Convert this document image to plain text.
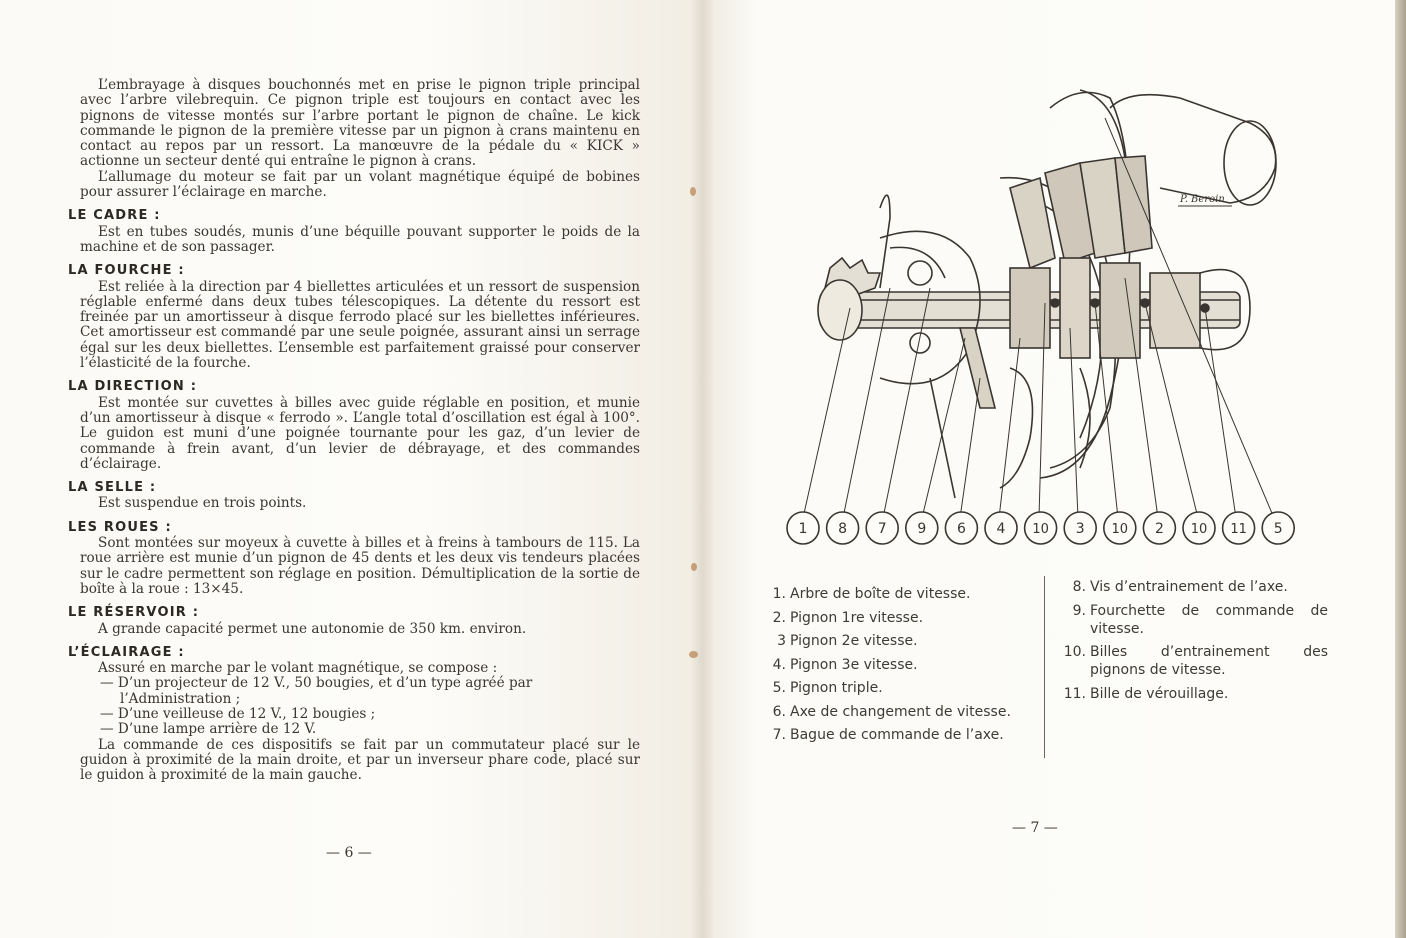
L’embrayage à disques bouchonnés met en prise le pignon triple principal avec l’arbre vilebrequin. Ce pignon triple est toujours en contact avec les pignons de vitesse montés sur l’arbre portant le pignon de chaîne. Le kick commande le pignon de la première vitesse par un pignon à crans maintenu en contact au repos par un ressort. La manœuvre de la pédale du « KICK » actionne un secteur denté qui entraîne le pignon à crans.

L’allumage du moteur se fait par un volant magnétique équipé de bobines pour assurer l’éclairage en marche.

LE CADRE :

Est en tubes soudés, munis d’une béquille pouvant supporter le poids de la machine et de son passager.

LA FOURCHE :

Est reliée à la direction par 4 biellettes articulées et un ressort de suspension réglable enfermé dans deux tubes télescopiques. La détente du ressort est freinée par un amortisseur à disque ferrodo placé sur les biellettes inférieures. Cet amortisseur est commandé par une seule poignée, assurant ainsi un serrage égal sur les deux biellettes. L’ensemble est parfaitement graissé pour conserver l’élasticité de la fourche.

LA DIRECTION :

Est montée sur cuvettes à billes avec guide réglable en position, et munie d’un amortisseur à disque « ferrodo ». L’angle total d’oscillation est égal à 100°. Le guidon est muni d’une poignée tournante pour les gaz, d’un levier de commande à frein avant, d’un levier de débrayage, et des commandes d’éclairage.

LA SELLE :

Est suspendue en trois points.

LES ROUES :

Sont montées sur moyeux à cuvette à billes et à freins à tambours de 115. La roue arrière est munie d’un pignon de 45 dents et les deux vis tendeurs placées sur le cadre permettent son réglage en position. Démultiplication de la sortie de boîte à la roue : 13×45.

LE RÉSERVOIR :

A grande capacité permet une autonomie de 350 km. environ.

L’ÉCLAIRAGE :

Assuré en marche par le volant magnétique, se compose :

— D’un projecteur de 12 V., 50 bougies, et d’un type agréé par

l’Administration ;

— D’une veilleuse de 12 V., 12 bougies ;

— D’une lampe arrière de 12 V.

La commande de ces dispositifs se fait par un commutateur placé sur le guidon à proximité de la main droite, et par un inverseur phare code, placé sur le guidon à proximité de la main gauche.

— 6 —
P. Beroin
1 8 7 9 6 4 10 3 10 2 10 11 5
1. Arbre de boîte de vitesse.
2. Pignon 1re vitesse.
3 Pignon 2e vitesse.
4. Pignon 3e vitesse.
5. Pignon triple.
6. Axe de changement de vitesse.
7. Bague de commande de l’axe.
8. Vis d’entrainement de l’axe.
9. Fourchette de commande de vitesse.
10. Billes d’entrainement des pignons de vitesse.
11. Bille de vérouillage.
— 7 —
